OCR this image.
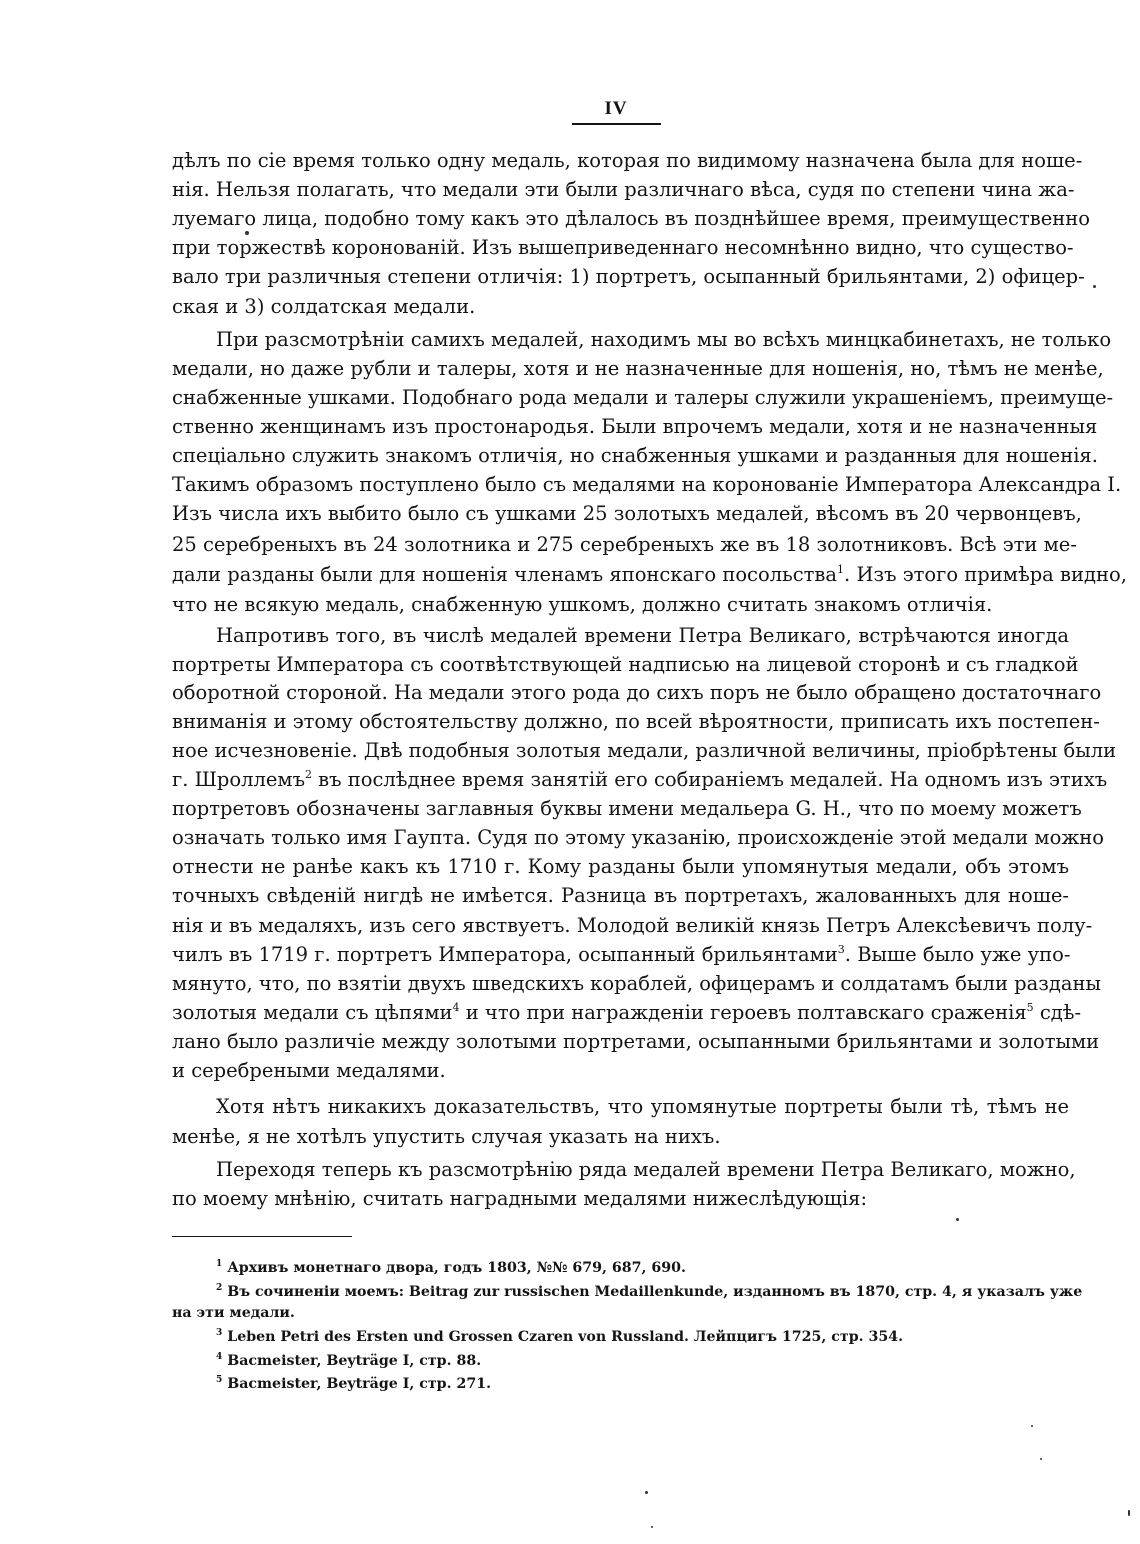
IV
дѣлъ по сіе время только одну медаль, которая по видимому назначена была для ноше-
нія. Нельзя полагать, что медали эти были различнаго вѣса, судя по степени чина жа-
луемаго лица, подобно тому какъ это дѣлалось въ позднѣйшее время, преимущественно
при торжествѣ коронованій. Изъ вышеприведеннаго несомнѣнно видно, что существо-
вало три различныя степени отличія: 1) портретъ, осыпанный брильянтами, 2) офицер-
ская и 3) солдатская медали.
При разсмотрѣніи самихъ медалей, находимъ мы во всѣхъ минцкабинетахъ, не только
медали, но даже рубли и талеры, хотя и не назначенные для ношенія, но, тѣмъ не менѣе,
снабженные ушками. Подобнаго рода медали и талеры служили украшеніемъ, преимуще-
ственно женщинамъ изъ простонародья. Были впрочемъ медали, хотя и не назначенныя
спеціально служить знакомъ отличія, но снабженныя ушками и разданныя для ношенія.
Такимъ образомъ поступлено было съ медалями на коронованіе Императора Александра I.
Изъ числа ихъ выбито было съ ушками 25 золотыхъ медалей, вѣсомъ въ 20 червонцевъ,
25 серебреныхъ въ 24 золотника и 275 серебреныхъ же въ 18 золотниковъ. Всѣ эти ме-
дали разданы были для ношенія членамъ японскаго посольства$^1$. Изъ этого примѣра видно,
что не всякую медаль, снабженную ушкомъ, должно считать знакомъ отличія.
Напротивъ того, въ числѣ медалей времени Петра Великаго, встрѣчаются иногда
портреты Императора съ соотвѣтствующей надписью на лицевой сторонѣ и съ гладкой
оборотной стороной. На медали этого рода до сихъ поръ не было обращено достаточнаго
вниманія и этому обстоятельству должно, по всей вѣроятности, приписать ихъ постепен-
ное исчезновеніе. Двѣ подобныя золотыя медали, различной величины, пріобрѣтены были
г. Шроллемъ$^2$ въ послѣднее время занятій его собираніемъ медалей. На одномъ изъ этихъ
портретовъ обозначены заглавныя буквы имени медальера G. H., что по моему можетъ
означать только имя Гаупта. Судя по этому указанію, происхожденіе этой медали можно
отнести не ранѣе какъ къ 1710 г. Кому разданы были упомянутыя медали, объ этомъ
точныхъ свѣденій нигдѣ не имѣется. Разница въ портретахъ, жалованныхъ для ноше-
нія и въ медаляхъ, изъ сего явствуетъ. Молодой великій князь Петръ Алексѣевичъ полу-
чилъ въ 1719 г. портретъ Императора, осыпанный брильянтами$^3$. Выше было уже упо-
мянуто, что, по взятіи двухъ шведскихъ кораблей, офицерамъ и солдатамъ были разданы
золотыя медали съ цѣпями$^4$ и что при награжденіи героевъ полтавскаго сраженія$^5$ сдѣ-
лано было различіе между золотыми портретами, осыпанными брильянтами и золотыми
и серебреными медалями.
Хотя нѣтъ никакихъ доказательствъ, что упомянутые портреты были тѣ, тѣмъ не
менѣе, я не хотѣлъ упустить случая указать на нихъ.
Переходя теперь къ разсмотрѣнію ряда медалей времени Петра Великаго, можно,
по моему мнѣнію, считать наградными медалями нижеслѣдующія:
$^1$ Архивъ монетнаго двора, годъ 1803, №№ 679, 687, 690.
$^2$ Въ сочиненіи моемъ: Beitrag zur russischen Medaillenkunde, изданномъ въ 1870, стр. 4, я указалъ уже
на эти медали.
$^3$ Leben Petri des Ersten und Grossen Czaren von Russland. Лейпцигъ 1725, стр. 354.
$^4$ Bacmeister, Beyträge I, стр. 88.
$^5$ Bacmeister, Beyträge I, стр. 271.
